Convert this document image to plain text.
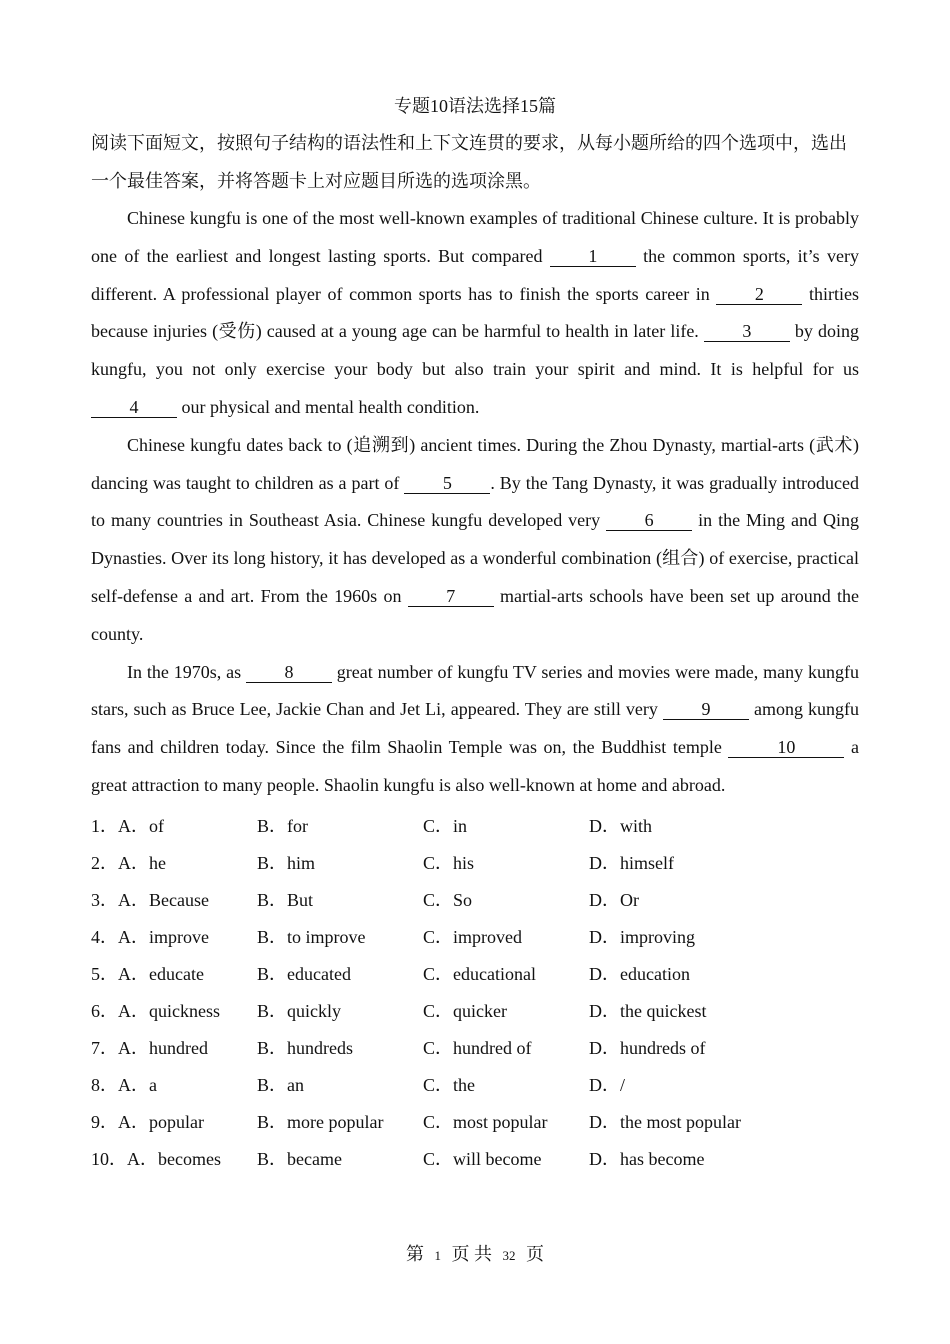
专题10语法选择15篇

阅读下面短文，按照句子结构的语法性和上下文连贯的要求，从每小题所给的四个选项中，选出一个最佳答案，并将答题卡上对应题目所选的选项涂黑。

Chinese kungfu is one of the most well-known examples of traditional Chinese culture. It is probably one of the earliest and longest lasting sports. But compared 1 the common sports, it’s very different. A professional player of common sports has to finish the sports career in 2 thirties because injuries (受伤) caused at a young age can be harmful to health in later life. 3 by doing kungfu, you not only exercise your body but also train your spirit and mind. It is helpful for us 4 our physical and mental health condition.

Chinese kungfu dates back to (追溯到) ancient times. During the Zhou Dynasty, martial-arts (武术) dancing was taught to children as a part of 5 . By the Tang Dynasty, it was gradually introduced to many countries in Southeast Asia. Chinese kungfu developed very 6 in the Ming and Qing Dynasties. Over its long history, it has developed as a wonderful combination (组合) of exercise, practical self-defense a and art. From the 1960s on 7 martial-arts schools have been set up around the county.

In the 1970s, as 8 great number of kungfu TV series and movies were made, many kungfu stars, such as Bruce Lee, Jackie Chan and Jet Li, appeared. They are still very 9 among kungfu fans and children today. Since the film Shaolin Temple was on, the Buddhist temple	10	a great attraction to many people. Shaolin kungfu is also well-known at home and abroad.

1．A．of	B．for	C．in	D．with
2．A．he	B．him	C．his	D．himself
3．A．Because	B．But	C．So	D．Or
4．A．improve	B．to improve	C．improved	D．improving
5．A．educate	B．educated	C．educational	D．education
6．A．quickness	B．quickly	C．quicker	D．the quickest
7．A．hundred	B．hundreds	C．hundred of	D．hundreds of
8．A．a	B．an	C．the	D．/
9．A．popular	B．more popular	C．most popular	D．the most popular
10．A．becomes	B．became	C．will become	D．has become
第 1 页 共 32 页
